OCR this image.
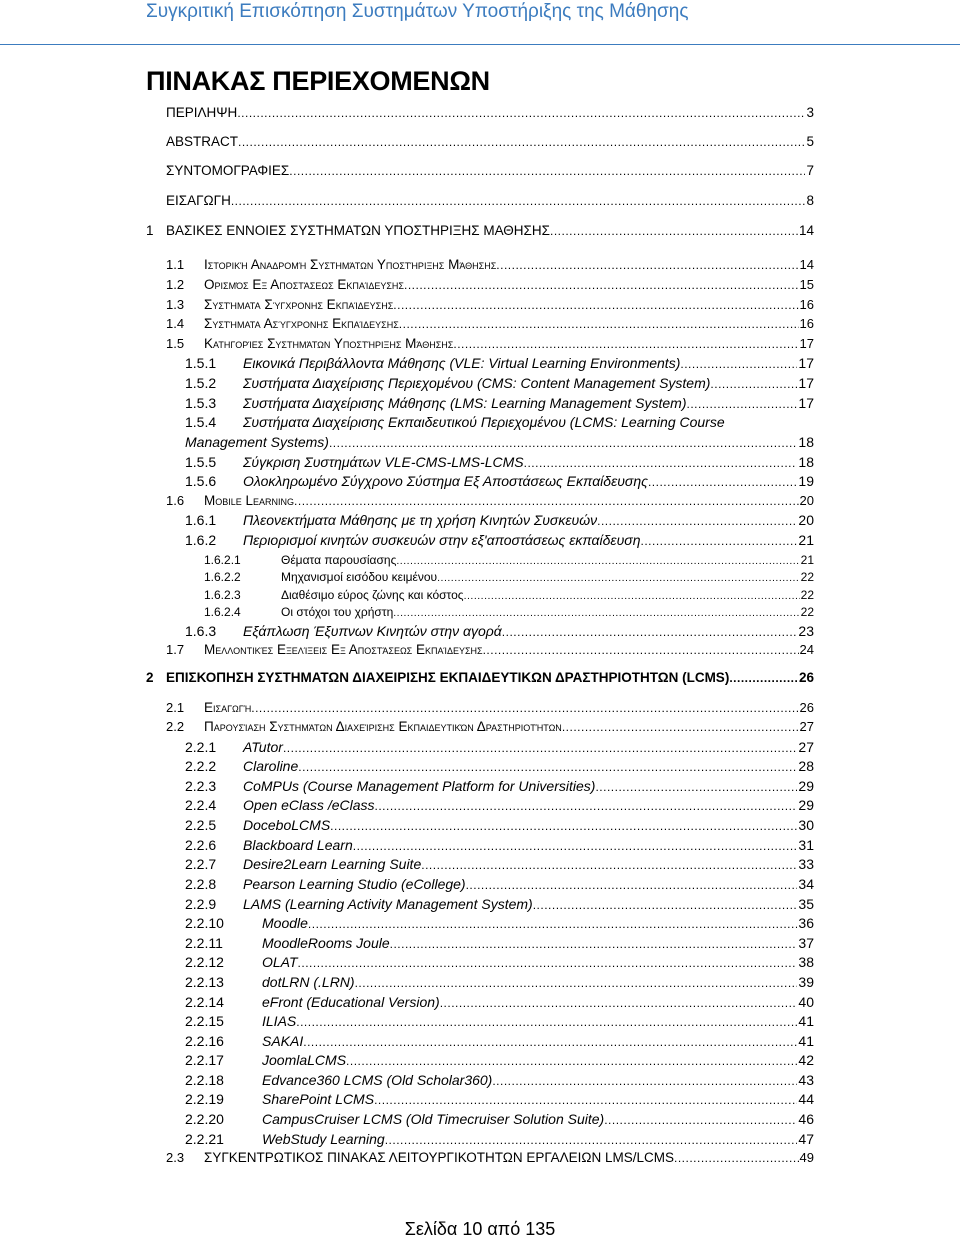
Συγκριτική Επισκόπηση Συστημάτων Υποστήριξης της Μάθησης
ΠΙΝΑΚΑΣ ΠΕΡΙΕΧΟΜΕΝΩΝ
ΠΕΡΙΛΗΨΗ .....	3
ABSTRACT .....	5
ΣΥΝΤΟΜΟΓΡΑΦΙΕΣ .....	7
ΕΙΣΑΓΩΓΗ .....	8
1 ΒΑΣΙΚΕΣ ΕΝΝΟΙΕΣ ΣΥΣΤΗΜΑΤΩΝ ΥΠΟΣΤΗΡΙΞΗΣ ΜΑΘΗΣΗΣ .....	14
1.1	Ιστορική Αναδρομή Συστημάτων Υποστήριξης Μάθησης .....	14
1.2	Ορισμός Εξ Αποστάσεως Εκπαίδευσης .....	15
1.3	Συστήματα Σύγχρονης Εκπαίδευσης .....	16
1.4	Συστήματα Ασύγχρονης Εκπαίδευσης .....	16
1.5	Κατηγορίες Συστημάτων Υποστήριξης Μάθησης .....	17
1.5.1	Εικονικά Περιβάλλοντα Μάθησης (VLE: Virtual Learning Environments) .....	17
1.5.2	Συστήματα Διαχείρισης Περιεχομένου (CMS: Content Management System) .....	17
1.5.3	Συστήματα Διαχείρισης Μάθησης (LMS: Learning Management System) .....	17
1.5.4	Συστήματα Διαχείρισης Εκπαιδευτικού Περιεχομένου (LCMS: Learning Course
Management Systems) .....	18
1.5.5	Σύγκριση Συστημάτων VLE-CMS-LMS-LCMS .....	18
1.5.6	Ολοκληρωμένο Σύγχρονο Σύστημα Εξ Αποστάσεως Εκπαίδευσης .....	19
1.6	Mobile Learning .....	20
1.6.1	Πλεονεκτήματα Μάθησης με τη χρήση Κινητών Συσκευών .....	20
1.6.2	Περιορισμοί κινητών συσκευών στην εξ'αποστάσεως εκπαίδευση .....	21
1.6.2.1	Θέματα παρουσίασης .....	21
1.6.2.2	Μηχανισμοί εισόδου κειμένου .....	22
1.6.2.3	Διαθέσιμο εύρος ζώνης και κόστος .....	22
1.6.2.4	Οι στόχοι του χρήστη .....	22
1.6.3	Εξάπλωση Έξυπνων Κινητών στην αγορά .....	23
1.7	Μελλοντικές Εξελίξεις Εξ Αποστάσεως Εκπαίδευσης .....	24
2 ΕΠΙΣΚΟΠΗΣΗ ΣΥΣΤΗΜΑΤΩΝ ΔΙΑΧΕΙΡΙΣΗΣ ΕΚΠΑΙΔΕΥΤΙΚΩΝ ΔΡΑΣΤΗΡΙΟΤΗΤΩΝ (LCMS) .....	26
2.1	Εισαγωγή .....	26
2.2	Παρουσίαση Συστημάτων Διαχείρισης Εκπαιδευτικών Δραστηριοτήτων .....	27
2.2.1	ATutor .....	27
2.2.2	Claroline .....	28
2.2.3	CoMPUs (Course Management Platform for Universities) .....	29
2.2.4	Open eClass /eClass .....	29
2.2.5	DoceboLCMS .....	30
2.2.6	Blackboard Learn .....	31
2.2.7	Desire2Learn Learning Suite .....	33
2.2.8	Pearson Learning Studio (eCollege) .....	34
2.2.9	LAMS (Learning Activity Management System) .....	35
2.2.10	Moodle .....	36
2.2.11	MoodleRooms Joule .....	37
2.2.12	OLAT .....	38
2.2.13	dotLRN (.LRN) .....	39
2.2.14	eFront (Educational Version) .....	40
2.2.15	ILIAS .....	41
2.2.16	SAKAI .....	41
2.2.17	JoomlaLCMS .....	42
2.2.18	Edvance360 LCMS (Old Scholar360) .....	43
2.2.19	SharePoint LCMS .....	44
2.2.20	CampusCruiser LCMS (Old Timecruiser Solution Suite) .....	46
2.2.21	WebStudy Learning .....	47
2.3	ΣΥΓΚΕΝΤΡΩΤΙΚΟΣ ΠΙΝΑΚΑΣ ΛΕΙΤΟΥΡΓΙΚΟΤΗΤΩΝ ΕΡΓΑΛΕΙΩΝ LMS/LCMS .....	49
Σελίδα 10 από 135
